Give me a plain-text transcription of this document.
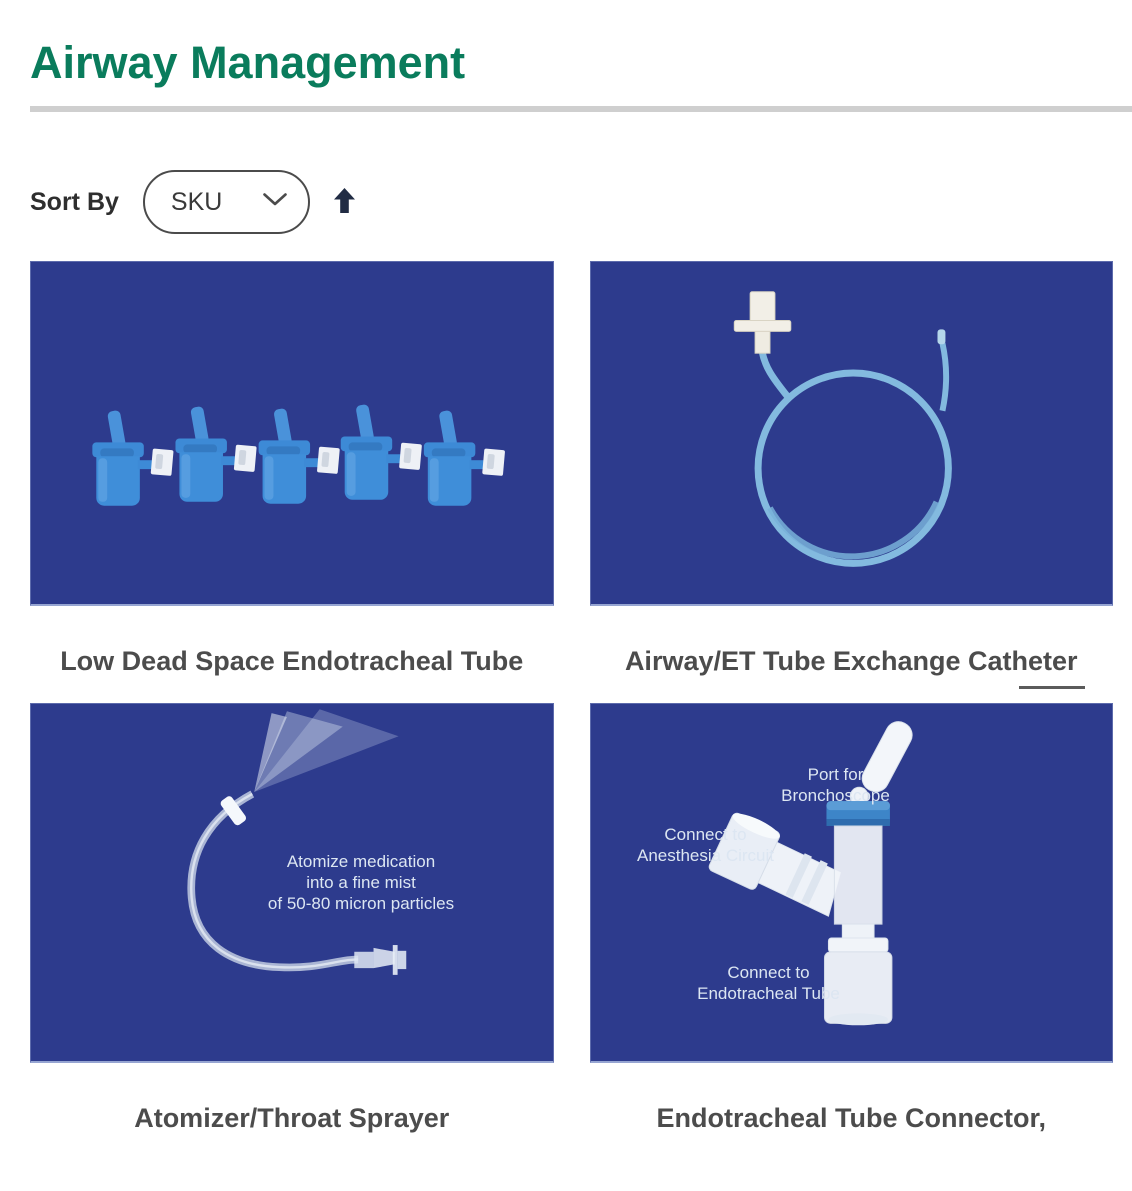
Airway Management
Sort By SKU
Low Dead Space Endotracheal Tube	Airway/ET Tube Exchange Catheter
Atomize medication
into a fine mist
of 50-80 micron particles
Atomizer/Throat Sprayer
Port for
Bronchoscope
Connect to
Anesthesia Circuit
Connect to
Endotracheal Tube
Endotracheal Tube Connector,
